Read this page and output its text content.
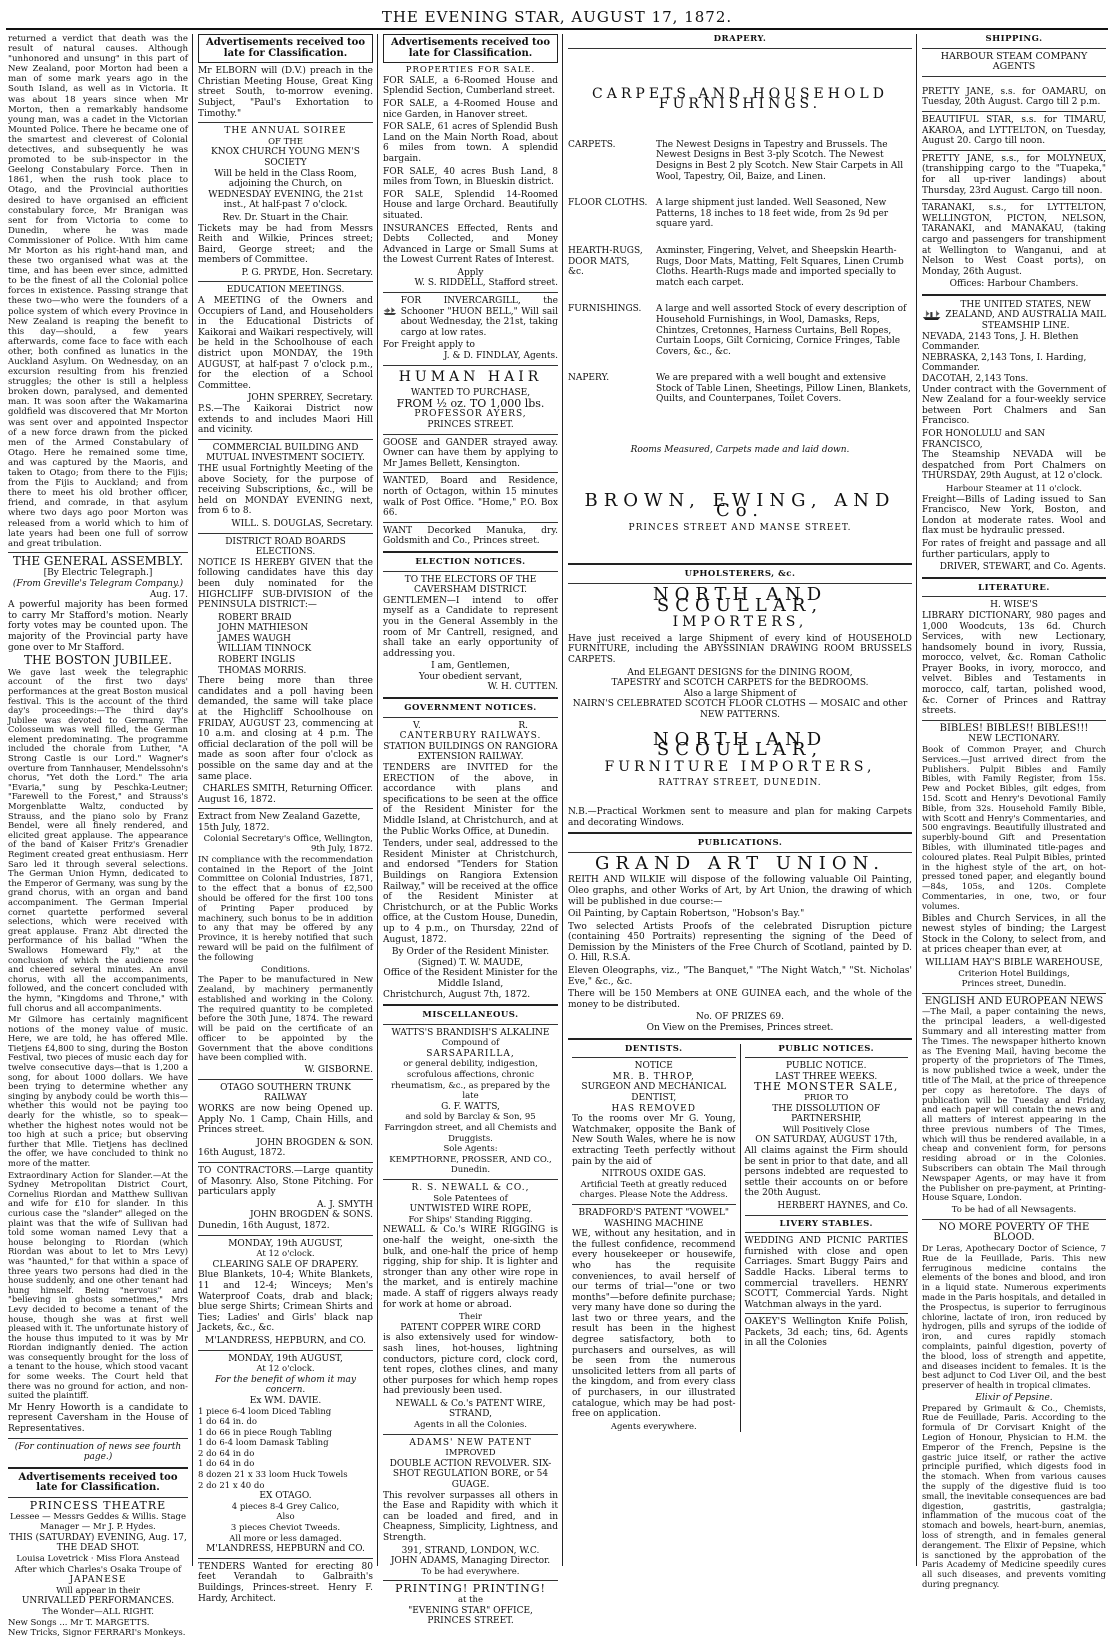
THE EVENING STAR, AUGUST 17, 1872.

returned a verdict that death was the result of natural causes. Although "unhonored and unsung" in this part of New Zealand, poor Morton had been a man of some mark years ago in the South Island, as well as in Victoria. It was about 18 years since when Mr Morton, then a remarkably handsome young man, was a cadet in the Victorian Mounted Police. There he became one of the smartest and cleverest of Colonial detectives, and subsequently he was promoted to be sub-inspector in the Geelong Constabulary Force. Then in 1861, when the rush took place to Otago, and the Provincial authorities desired to have organised an efficient constabulary force, Mr Branigan was sent for from Victoria to come to Dunedin, where he was made Commissioner of Police. With him came Mr Morton as his right-hand man, and these two organised what was at the time, and has been ever since, admitted to be the finest of all the Colonial police forces in existence. Passing strange that these two—who were the founders of a police system of which every Province in New Zealand is reaping the benefit to this day—should, a few years afterwards, come face to face with each other, both confined as lunatics in the Auckland Asylum. On Wednesday, on an excursion resulting from his frenzied struggles; the other is still a helpless broken down, paralysed, and demented man. It was soon after the Wakamarina goldfield was discovered that Mr Morton was sent over and appointed Inspector of a new force drawn from the picked men of the Armed Constabulary of Otago. Here he remained some time, and was captured by the Maoris, and taken to Otago; from there to the Fijis; from the Fijis to Auckland; and from there to meet his old brother officer, friend, and comrade, in that asylum where two days ago poor Morton was released from a world which to him of late years had been one full of sorrow and great tribulation.

THE GENERAL ASSEMBLY.
[By Electric Telegraph.]
(From Greville's Telegram Company.)
Aug. 17.

A powerful majority has been formed to carry Mr Stafford's motion. Nearly forty votes may be counted upon. The majority of the Provincial party have gone over to Mr Stafford.

THE BOSTON JUBILEE.

We gave last week the telegraphic account of the first two days' performances at the great Boston musical festival. This is the account of the third day's proceedings:—The third day's Jubilee was devoted to Germany. The Colosseum was well filled, the German element predominating. The programme included the chorale from Luther, "A Strong Castle is our Lord." Wagner's overture from Tannhauser, Mendelssohn's chorus, "Yet doth the Lord." The aria "Evaria," sung by Peschka-Leutner; "Farewell to the Forest," and Strauss's Morgenblatte Waltz, conducted by Strauss, and the piano solo by Franz Bendel, were all finely rendered, and elicited great applause. The appearance of the band of Kaiser Fritz's Grenadier Regiment created great enthusiasm. Herr Saro led it through several selections. The German Union Hymn, dedicated to the Emperor of Germany, was sung by the grand chorus, with an organ and band accompaniment. The German Imperial cornet quartette performed several selections, which were received with great applause. Franz Abt directed the performance of his ballad "When the Swallows Homeward Fly," at the conclusion of which the audience rose and cheered several minutes. An anvil chorus, with all the accompaniments, followed, and the concert concluded with the hymn, "Kingdoms and Throne," with full chorus and all accompaniments.

Mr Gilmore has certainly magnificent notions of the money value of music. Here, we are told, he has offered Mlle. Tietjens £4,800 to sing, during the Boston Festival, two pieces of music each day for twelve consecutive days—that is 1,200 a song, for about 1000 dollars. We have been trying to determine whether any singing by anybody could be worth this—whether this would not be paying too dearly for the whistle, so to speak—whether the highest notes would not be too high at such a price; but observing further that Mlle. Tietjens has declined the offer, we have concluded to think no more of the matter.

Extraordinary Action for Slander.—At the Sydney Metropolitan District Court, Cornelius Riordan and Matthew Sullivan and wife for £10 for slander. In this curious case the "slander" alleged on the plaint was that the wife of Sullivan had told some woman named Levy that a house belonging to Riordan (which Riordan was about to let to Mrs Levy) was "haunted," for that within a space of three years two persons had died in the house suddenly, and one other tenant had hung himself. Being "nervous" and "believing in ghosts sometimes," Mrs Levy decided to become a tenant of the house, though she was at first well pleased with it. The unfortunate history of the house thus imputed to it was by Mr Riordan indignantly denied. The action was consequently brought for the loss of a tenant to the house, which stood vacant for some weeks. The Court held that there was no ground for action, and non-suited the plaintiff.

Mr Henry Howorth is a candidate to represent Caversham in the House of Representatives.

(For continuation of news see fourth page.)
Advertisements received too late for Classification.
PRINCESS THEATRE
Lessee — Messrs Geddes & Willis. Stage Manager — Mr J. P. Hydes.
THIS (SATURDAY) EVENING, Aug. 17,
THE DEAD SHOT.
Louisa Lovetrick · Miss Flora Anstead
After which Charles's Osaka Troupe of
JAPANESE
Will appear in their
UNRIVALLED PERFORMANCES.
The Wonder—ALL RIGHT.
New Songs ... Mr T. MARGETTS.
New Tricks, Signor FERRARI's Monkeys.
Advertisements received too late for Classification.

Mr ELBORN will (D.V.) preach in the Christian Meeting House, Great King street South, to-morrow evening. Subject, "Paul's Exhortation to Timothy."

THE ANNUAL SOIREE
OF THE
KNOX CHURCH YOUNG MEN'S SOCIETY

Will be held in the Class Room, adjoining the Church, on WEDNESDAY EVENING, the 21st inst., At half-past 7 o'clock.

Rev. Dr. Stuart in the Chair.

Tickets may be had from Messrs Reith and Wilkie, Princes street; Baird, George street; and the members of Committee.

P. G. PRYDE, Hon. Secretary.
EDUCATION MEETINGS.

A MEETING of the Owners and Occupiers of Land, and Householders in the Educational Districts of Kaikorai and Waikari respectively, will be held in the Schoolhouse of each district upon MONDAY, the 19th AUGUST, at half-past 7 o'clock p.m., for the election of a School Committee.

JOHN SPERREY, Secretary.

P.S.—The Kaikorai District now extends to and includes Maori Hill and vicinity.

COMMERCIAL BUILDING AND MUTUAL INVESTMENT SOCIETY.

THE usual Fortnightly Meeting of the above Society, for the purpose of receiving Subscriptions, &c., will be held on MONDAY EVENING next, from 6 to 8.

WILL. S. DOUGLAS, Secretary.
DISTRICT ROAD BOARDS ELECTIONS.

NOTICE IS HEREBY GIVEN that the following candidates have this day been duly nominated for the HIGHCLIFF SUB-DIVISION of the PENINSULA DISTRICT:—

ROBERT BRAID
JOHN MATHIESON
JAMES WAUGH
WILLIAM TINNOCK
ROBERT INGLIS
THOMAS MORRIS.

There being more than three candidates and a poll having been demanded, the same will take place at the Highcliff Schoolhouse on FRIDAY, AUGUST 23, commencing at 10 a.m. and closing at 4 p.m. The official declaration of the poll will be made as soon after four o'clock as possible on the same day and at the same place.

CHARLES SMITH, Returning Officer.
August 16, 1872.
Extract from New Zealand Gazette, 15th July, 1872.
Colonial Secretary's Office, Wellington, 9th July, 1872.

IN compliance with the recommendation contained in the Report of the Joint Committee on Colonial Industries, 1871, to the effect that a bonus of £2,500 should be offered for the first 100 tons of Printing Paper produced by machinery, such bonus to be in addition to any that may be offered by any Province, it is hereby notified that such reward will be paid on the fulfilment of the following

Conditions.

The Paper to be manufactured in New Zealand, by machinery permanently established and working in the Colony. The required quantity to be completed before the 30th June, 1874. The reward will be paid on the certificate of an officer to be appointed by the Government that the above conditions have been complied with.

W. GISBORNE.
OTAGO SOUTHERN TRUNK RAILWAY

WORKS are now being Opened up. Apply No. 1 Camp, Chain Hills, and Princes street.

JOHN BROGDEN & SON.
16th August, 1872.

TO CONTRACTORS.—Large quantity of Masonry. Also, Stone Pitching. For particulars apply

A. J. SMYTH
JOHN BROGDEN & SONS.
Dunedin, 16th August, 1872.
MONDAY, 19th AUGUST,
At 12 o'clock.
CLEARING SALE OF DRAPERY.

Blue Blankets, 10-4; White Blankets, 11 and 12-4; Winceys; Men's Waterproof Coats, drab and black; blue serge Shirts; Crimean Shirts and Ties; Ladies' and Girls' black nap Jackets, &c., &c.

M'LANDRESS, HEPBURN, and CO.
MONDAY, 19th AUGUST,
At 12 o'clock.
For the benefit of whom it may concern.
Ex WM. DAVIE.
1 piece 6-4 loom Diced Tabling
1 do 64 in. do
1 do 66 in piece Rough Tabling
1 do 6-4 loom Damask Tabling
2 do 64 in do
1 do 64 in do
8 dozen 21 x 33 loom Huck Towels
2 do 21 x 40 do
EX OTAGO.
4 pieces 8-4 Grey Calico,
Also
3 pieces Cheviot Tweeds.
All more or less damaged.
M'LANDRESS, HEPBURN and CO.

TENDERS Wanted for erecting 80 feet Verandah to Galbraith's Buildings, Princes-street. Henry F. Hardy, Architect.

Advertisements received too late for Classification.
PROPERTIES FOR SALE.

FOR SALE, a 6-Roomed House and Splendid Section, Cumberland street.

FOR SALE, a 4-Roomed House and nice Garden, in Hanover street.

FOR SALE, 61 acres of Splendid Bush Land on the Main North Road, about 6 miles from town. A splendid bargain.

FOR SALE, 40 acres Bush Land, 8 miles from Town, in Blueskin district.

FOR SALE, Splendid 14-Roomed House and large Orchard. Beautifully situated.

INSURANCES Effected, Rents and Debts Collected, and Money Advanced in Large or Small Sums at the Lowest Current Rates of Interest.

Apply
W. S. RIDDELL, Stafford street.

FOR INVERCARGILL, the Schooner "HUON BELL," Will sail about Wednesday, the 21st, taking cargo at low rates.

For Freight apply to
J. & D. FINDLAY, Agents.
HUMAN HAIR
WANTED TO PURCHASE,
FROM ½ oz. TO 1,000 lbs.
PROFESSOR AYERS,
PRINCES STREET.

GOOSE and GANDER strayed away. Owner can have them by applying to Mr James Bellett, Kensington.

WANTED, Board and Residence, north of Octagon, within 15 minutes walk of Post Office. "Home," P.O. Box 66.

WANT Decorked Manuka, dry. Goldsmith and Co., Princes street.

ELECTION NOTICES.
TO THE ELECTORS OF THE CAVERSHAM DISTRICT.

GENTLEMEN—I intend to offer myself as a Candidate to represent you in the General Assembly in the room of Mr Cantrell, resigned, and shall take an early opportunity of addressing you.

I am, Gentlemen,
Your obedient servant,
W. H. CUTTEN.
GOVERNMENT NOTICES.
V.	R.
CANTERBURY RAILWAYS.
STATION BUILDINGS ON RANGIORA EXTENSION RAILWAY.

TENDERS are INVITED for the ERECTION of the above, in accordance with plans and specifications to be seen at the office of the Resident Minister for the Middle Island, at Christchurch, and at the Public Works Office, at Dunedin.

Tenders, under seal, addressed to the Resident Minister at Christchurch, and endorsed "Tenders for Station Buildings on Rangiora Extension Railway," will be received at the office of the Resident Minister at Christchurch, or at the Public Works office, at the Custom House, Dunedin, up to 4 p.m., on Thursday, 22nd of August, 1872.

By Order of the Resident Minister.
(Signed) T. W. MAUDE,
Office of the Resident Minister for the Middle Island,
Christchurch, August 7th, 1872.
MISCELLANEOUS.
WATTS'S BRANDISH'S ALKALINE
Compound of
SARSAPARILLA,
or general debility, indigestion, scrofulous affections, chronic rheumatism, &c., as prepared by the late
G. F. WATTS,
and sold by Barclay & Son, 95 Farringdon street, and all Chemists and Druggists.
Sole Agents:
KEMPTHORNE, PROSSER, AND CO., Dunedin.
R. S. NEWALL & CO.,
Sole Patentees of
UNTWISTED WIRE ROPE,
For Ships' Standing Rigging.

NEWALL & Co.'s WIRE RIGGING is one-half the weight, one-sixth the bulk, and one-half the price of hemp rigging, ship for ship. It is lighter and stronger than any other wire rope in the market, and is entirely machine made. A staff of riggers always ready for work at home or abroad.

Their
PATENT COPPER WIRE CORD

is also extensively used for window-sash lines, hot-houses, lightning conductors, picture cord, clock cord, tent ropes, clothes clines, and many other purposes for which hemp ropes had previously been used.

NEWALL & Co.'s PATENT WIRE, STRAND,
Agents in all the Colonies.
ADAMS' NEW PATENT
IMPROVED
DOUBLE ACTION REVOLVER. SIX-SHOT REGULATION BORE, or 54 GUAGE.

This revolver surpasses all others in the Ease and Rapidity with which it can be loaded and fired, and in Cheapness, Simplicity, Lightness, and Strength.

391, STRAND, LONDON, W.C.
JOHN ADAMS, Managing Director.
To be had everywhere.
PRINTING! PRINTING!
at the
"EVENING STAR" OFFICE,
PRINCES STREET.
DRAPERY.
CARPETS AND HOUSEHOLD FURNISHINGS.
CARPETS.	The Newest Designs in Tapestry and Brussels. The Newest Designs in Best 3-ply Scotch. The Newest Designs in Best 2 ply Scotch. New Stair Carpets in All Wool, Tapestry, Oil, Baize, and Linen.
FLOOR CLOTHS. A large shipment just landed. Well Seasoned, New Patterns, 18 inches to 18 feet wide, from 2s 9d per square yard.
HEARTH-RUGS, DOOR MATS, &c.
Axminster, Fingering, Velvet, and Sheepskin Hearth-Rugs, Door Mats, Matting, Felt Squares, Linen Crumb Cloths. Hearth-Rugs made and imported specially to match each carpet.
FURNISHINGS.	A large and well assorted Stock of every description of Household Furnishings, in Wool, Damasks, Reps, Chintzes, Cretonnes, Harness Curtains, Bell Ropes, Curtain Loops, Gilt Cornicing, Cornice Fringes, Table Covers, &c., &c.
NAPERY.	We are prepared with a well bought and extensive Stock of Table Linen, Sheetings, Pillow Linen, Blankets, Quilts, and Counterpanes, Toilet Covers.
Rooms Measured, Carpets made and laid down.
BROWN, EWING, AND Co.
PRINCES STREET AND MANSE STREET.
UPHOLSTERERS, &c.
NORTH AND SCOULLAR,
IMPORTERS,

Have just received a large Shipment of every kind of HOUSEHOLD FURNITURE, including the ABYSSINIAN DRAWING ROOM BRUSSELS CARPETS.

And ELEGANT DESIGNS for the DINING ROOM,
TAPESTRY and SCOTCH CARPETS for the BEDROOMS.
Also a large Shipment of
NAIRN'S CELEBRATED SCOTCH FLOOR CLOTHS — MOSAIC and other NEW PATTERNS.
NORTH AND SCOULLAR,
FURNITURE IMPORTERS,
RATTRAY STREET, DUNEDIN.

N.B.—Practical Workmen sent to measure and plan for making Carpets and decorating Windows.

PUBLICATIONS.
GRAND ART UNION.

REITH AND WILKIE will dispose of the following valuable Oil Painting, Oleo graphs, and other Works of Art, by Art Union, the drawing of which will be published in due course:—

Oil Painting, by Captain Robertson, "Hobson's Bay."

Two selected Artists Proofs of the celebrated Disruption picture (containing 450 Portraits) representing the signing of the Deed of Demission by the Ministers of the Free Church of Scotland, painted by D. O. Hill, R.S.A.

Eleven Oleographs, viz., "The Banquet," "The Night Watch," "St. Nicholas' Eve," &c., &c.

There will be 150 Members at ONE GUINEA each, and the whole of the money to be distributed.

No. OF PRIZES 69.
On View on the Premises, Princes street.
DENTISTS.
NOTICE
MR. B. THROP,
SURGEON AND MECHANICAL DENTIST,
HAS REMOVED

To the rooms over Mr G. Young, Watchmaker, opposite the Bank of New South Wales, where he is now extracting Teeth perfectly without pain by the aid of

NITROUS OXIDE GAS.
Artificial Teeth at greatly reduced charges. Please Note the Address.
BRADFORD'S PATENT "VOWEL" WASHING MACHINE

WE, without any hesitation, and in the fullest confidence, recommend every housekeeper or housewife, who has the requisite conveniences, to avail herself of our terms of trial—"one or two months"—before definite purchase; very many have done so during the last two or three years, and the result has been in the highest degree satisfactory, both to purchasers and ourselves, as will be seen from the numerous unsolicited letters from all parts of the kingdom, and from every class of purchasers, in our illustrated catalogue, which may be had post-free on application.

Agents everywhere.
PUBLIC NOTICES.
PUBLIC NOTICE.
LAST THREE WEEKS.
THE MONSTER SALE,
PRIOR TO
THE DISSOLUTION OF PARTNERSHIP,
Will Positively Close
ON SATURDAY, AUGUST 17th,

All claims against the Firm should be sent in prior to that date, and all persons indebted are requested to settle their accounts on or before the 20th August.

HERBERT HAYNES, and Co.
LIVERY STABLES.

WEDDING AND PICNIC PARTIES furnished with close and open Carriages. Smart Buggy Pairs and Saddle Hacks. Liberal terms to commercial travellers. HENRY SCOTT, Commercial Yards. Night Watchman always in the yard.

OAKEY'S Wellington Knife Polish, Packets, 3d each; tins, 6d. Agents in all the Colonies

SHIPPING.
HARBOUR STEAM COMPANY AGENTS

PRETTY JANE, s.s. for OAMARU, on Tuesday, 20th August. Cargo till 2 p.m.

BEAUTIFUL STAR, s.s. for TIMARU, AKAROA, and LYTTELTON, on Tuesday, August 20. Cargo till noon.

PRETTY JANE, s.s., for MOLYNEUX, (transhipping cargo to the "Tuapeka," for all up-river landings) about Thursday, 23rd August. Cargo till noon.

TARANAKI, s.s., for LYTTELTON, WELLINGTON, PICTON, NELSON, TARANAKI, and MANAKAU, (taking cargo and passengers for transhipment at Wellington to Wanganui, and at Nelson to West Coast ports), on Monday, 26th August.

Offices: Harbour Chambers.
THE UNITED STATES, NEW ZEALAND, AND AUSTRALIA MAIL STEAMSHIP LINE.
NEVADA, 2143 Tons, J. H. Blethen Commander.
NEBRASKA, 2,143 Tons, I. Harding, Commander.
DACOTAH, 2,143 Tons.

Under contract with the Government of New Zealand for a four-weekly service between Port Chalmers and San Francisco.

FOR HONOLULU and SAN FRANCISCO,

The Steamship NEVADA will be despatched from Port Chalmers on THURSDAY, 29th August, at 12 o'clock.

Harbour Steamer at 11 o'clock.

Freight—Bills of Lading issued to San Francisco, New York, Boston, and London at moderate rates. Wool and flax must be hydraulic pressed.

For rates of freight and passage and all further particulars, apply to

DRIVER, STEWART, and Co. Agents.
LITERATURE.
H. WISE'S

LIBRARY DICTIONARY, 980 pages and 1,000 Woodcuts, 13s 6d. Church Services, with new Lectionary, handsomely bound in ivory, Russia, morocco, velvet, &c. Roman Catholic Prayer Books, in ivory, morocco, and velvet. Bibles and Testaments in morocco, calf, tartan, polished wood, &c. Corner of Princes and Rattray streets.

BIBLES! BIBLES!! BIBLES!!!
NEW LECTIONARY.

Book of Common Prayer, and Church Services.—Just arrived direct from the Publishers. Pulpit Bibles and Family Bibles, with Family Register, from 15s. Pew and Pocket Bibles, gilt edges, from 15d. Scott and Henry's Devotional Family Bible, from 32s. Household Family Bible, with Scott and Henry's Commentaries, and 500 engravings. Beautifully illustrated and superbly-bound Gift and Presentation Bibles, with illuminated title-pages and coloured plates. Real Pulpit Bibles, printed in the highest style of the art, on hot-pressed toned paper, and elegantly bound—84s, 105s, and 120s. Complete Commentaries, in one, two, or four volumes.

Bibles and Church Services, in all the newest styles of binding; the Largest Stock in the Colony, to select from, and at prices cheaper than ever, at

WILLIAM HAY'S BIBLE WAREHOUSE,
Criterion Hotel Buildings,
Princes street, Dunedin.
ENGLISH AND EUROPEAN NEWS

—The Mail, a paper containing the news, the principal leaders, a well-digested Summary and all interesting matter from The Times. The newspaper hitherto known as The Evening Mail, having become the property of the proprietors of The Times, is now published twice a week, under the title of The Mail, at the price of threepence per copy as heretofore. The days of publication will be Tuesday and Friday, and each paper will contain the news and all matters of interest appearing in the three previous numbers of The Times, which will thus be rendered available, in a cheap and convenient form, for persons residing abroad or in the Colonies. Subscribers can obtain The Mail through Newspaper Agents, or may have it from the Publisher on pre-payment, at Printing-House Square, London.

To be had of all Newsagents.
NO MORE POVERTY OF THE BLOOD.

Dr Leras, Apothecary Doctor of Science, 7 Rue de la Feuillade, Paris. This new ferruginous medicine contains the elements of the bones and blood, and iron in a liquid state. Numerous experiments made in the Paris hospitals, and detailed in the Prospectus, is superior to ferruginous chlorine, lactate of iron, iron reduced by hydrogen, pills and syrups of the iodide of iron, and cures rapidly stomach complaints, painful digestion, poverty of the blood, loss of strength and appetite, and diseases incident to females. It is the best adjunct to Cod Liver Oil, and the best preserver of health in tropical climates.

Elixir of Pepsine.

Prepared by Grimault & Co., Chemists, Rue de Feuillade, Paris. According to the formula of Dr Corvisart Knight of the Legion of Honour, Physician to H.M. the Emperor of the French, Pepsine is the gastric juice itself, or rather the active principle purified, which digests food in the stomach. When from various causes the supply of the digestive fluid is too small, the inevitable consequences are bad digestion, gastritis, gastralgia; inflammation of the mucous coat of the stomach and bowels, heart-burn, anemias, loss of strength, and in females general derangement. The Elixir of Pepsine, which is sanctioned by the approbation of the Paris Academy of Medicine speedily cures all such diseases, and prevents vomiting during pregnancy.
